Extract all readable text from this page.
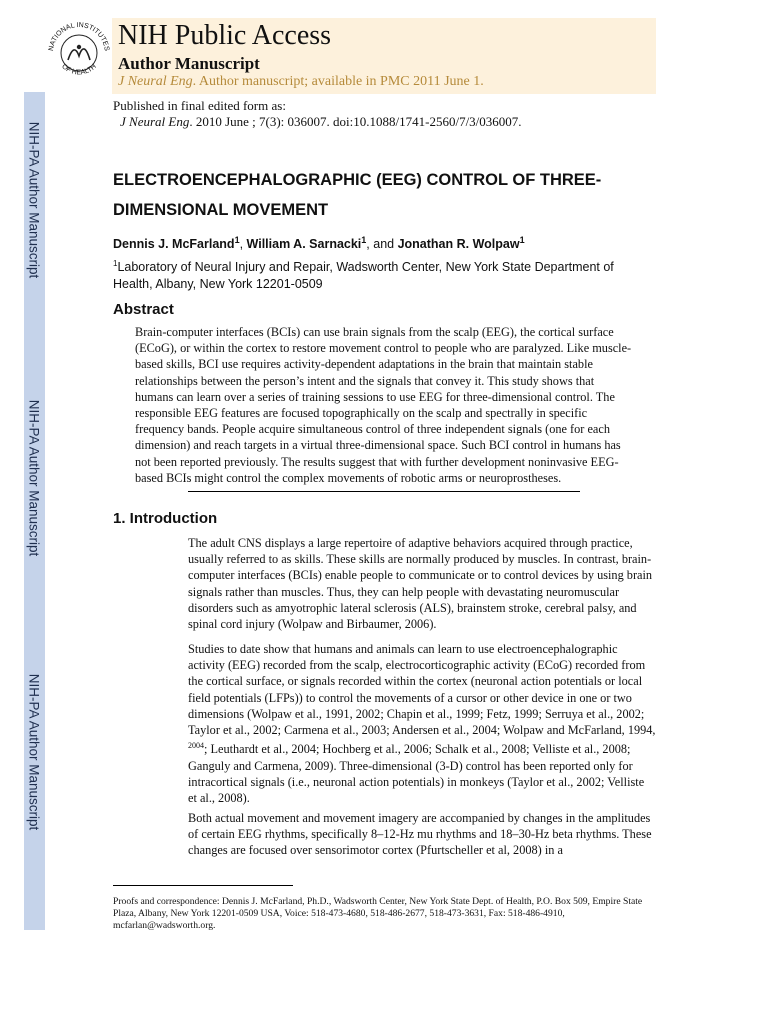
NIH-PA Author Manuscript
NIH-PA Author Manuscript
NIH-PA Author Manuscript
NATIONAL INSTITUTES
OF HEALTH
NIH Public Access
Author Manuscript
J Neural Eng. Author manuscript; available in PMC 2011 June 1.
Published in final edited form as:
J Neural Eng. 2010 June ; 7(3): 036007. doi:10.1088/1741-2560/7/3/036007.
ELECTROENCEPHALOGRAPHIC (EEG) CONTROL OF THREE-DIMENSIONAL MOVEMENT
Dennis J. McFarland$^1$, William A. Sarnacki$^1$, and Jonathan R. Wolpaw$^1$
$^1$Laboratory of Neural Injury and Repair, Wadsworth Center, New York State Department of Health, Albany, New York 12201-0509
Abstract
Brain-computer interfaces (BCIs) can use brain signals from the scalp (EEG), the cortical surface (ECoG), or within the cortex to restore movement control to people who are paralyzed. Like muscle-based skills, BCI use requires activity-dependent adaptations in the brain that maintain stable relationships between the person’s intent and the signals that convey it. This study shows that humans can learn over a series of training sessions to use EEG for three-dimensional control. The responsible EEG features are focused topographically on the scalp and spectrally in specific frequency bands. People acquire simultaneous control of three independent signals (one for each dimension) and reach targets in a virtual three-dimensional space. Such BCI control in humans has not been reported previously. The results suggest that with further development noninvasive EEG-based BCIs might control the complex movements of robotic arms or neuroprostheses.
1. Introduction
The adult CNS displays a large repertoire of adaptive behaviors acquired through practice, usually referred to as skills. These skills are normally produced by muscles. In contrast, brain-computer interfaces (BCIs) enable people to communicate or to control devices by using brain signals rather than muscles. Thus, they can help people with devastating neuromuscular disorders such as amyotrophic lateral sclerosis (ALS), brainstem stroke, cerebral palsy, and spinal cord injury (Wolpaw and Birbaumer, 2006).
Studies to date show that humans and animals can learn to use electroencephalographic activity (EEG) recorded from the scalp, electrocorticographic activity (ECoG) recorded from the cortical surface, or signals recorded within the cortex (neuronal action potentials or local field potentials (LFPs)) to control the movements of a cursor or other device in one or two dimensions (Wolpaw et al., 1991, 2002; Chapin et al., 1999; Fetz, 1999; Serruya et al., 2002; Taylor et al., 2002; Carmena et al., 2003; Andersen et al., 2004; Wolpaw and McFarland, 1994, $^{2004}$; Leuthardt et al., 2004; Hochberg et al., 2006; Schalk et al., 2008; Velliste et al., 2008; Ganguly and Carmena, 2009). Three-dimensional (3-D) control has been reported only for intracortical signals (i.e., neuronal action potentials) in monkeys (Taylor et al., 2002; Velliste et al., 2008).
Both actual movement and movement imagery are accompanied by changes in the amplitudes of certain EEG rhythms, specifically 8–12-Hz mu rhythms and 18–30-Hz beta rhythms. These changes are focused over sensorimotor cortex (Pfurtscheller et al, 2008) in a
Proofs and correspondence: Dennis J. McFarland, Ph.D., Wadsworth Center, New York State Dept. of Health, P.O. Box 509, Empire State Plaza, Albany, New York 12201-0509 USA, Voice: 518-473-4680, 518-486-2677, 518-473-3631, Fax: 518-486-4910, mcfarlan@wadsworth.org.
